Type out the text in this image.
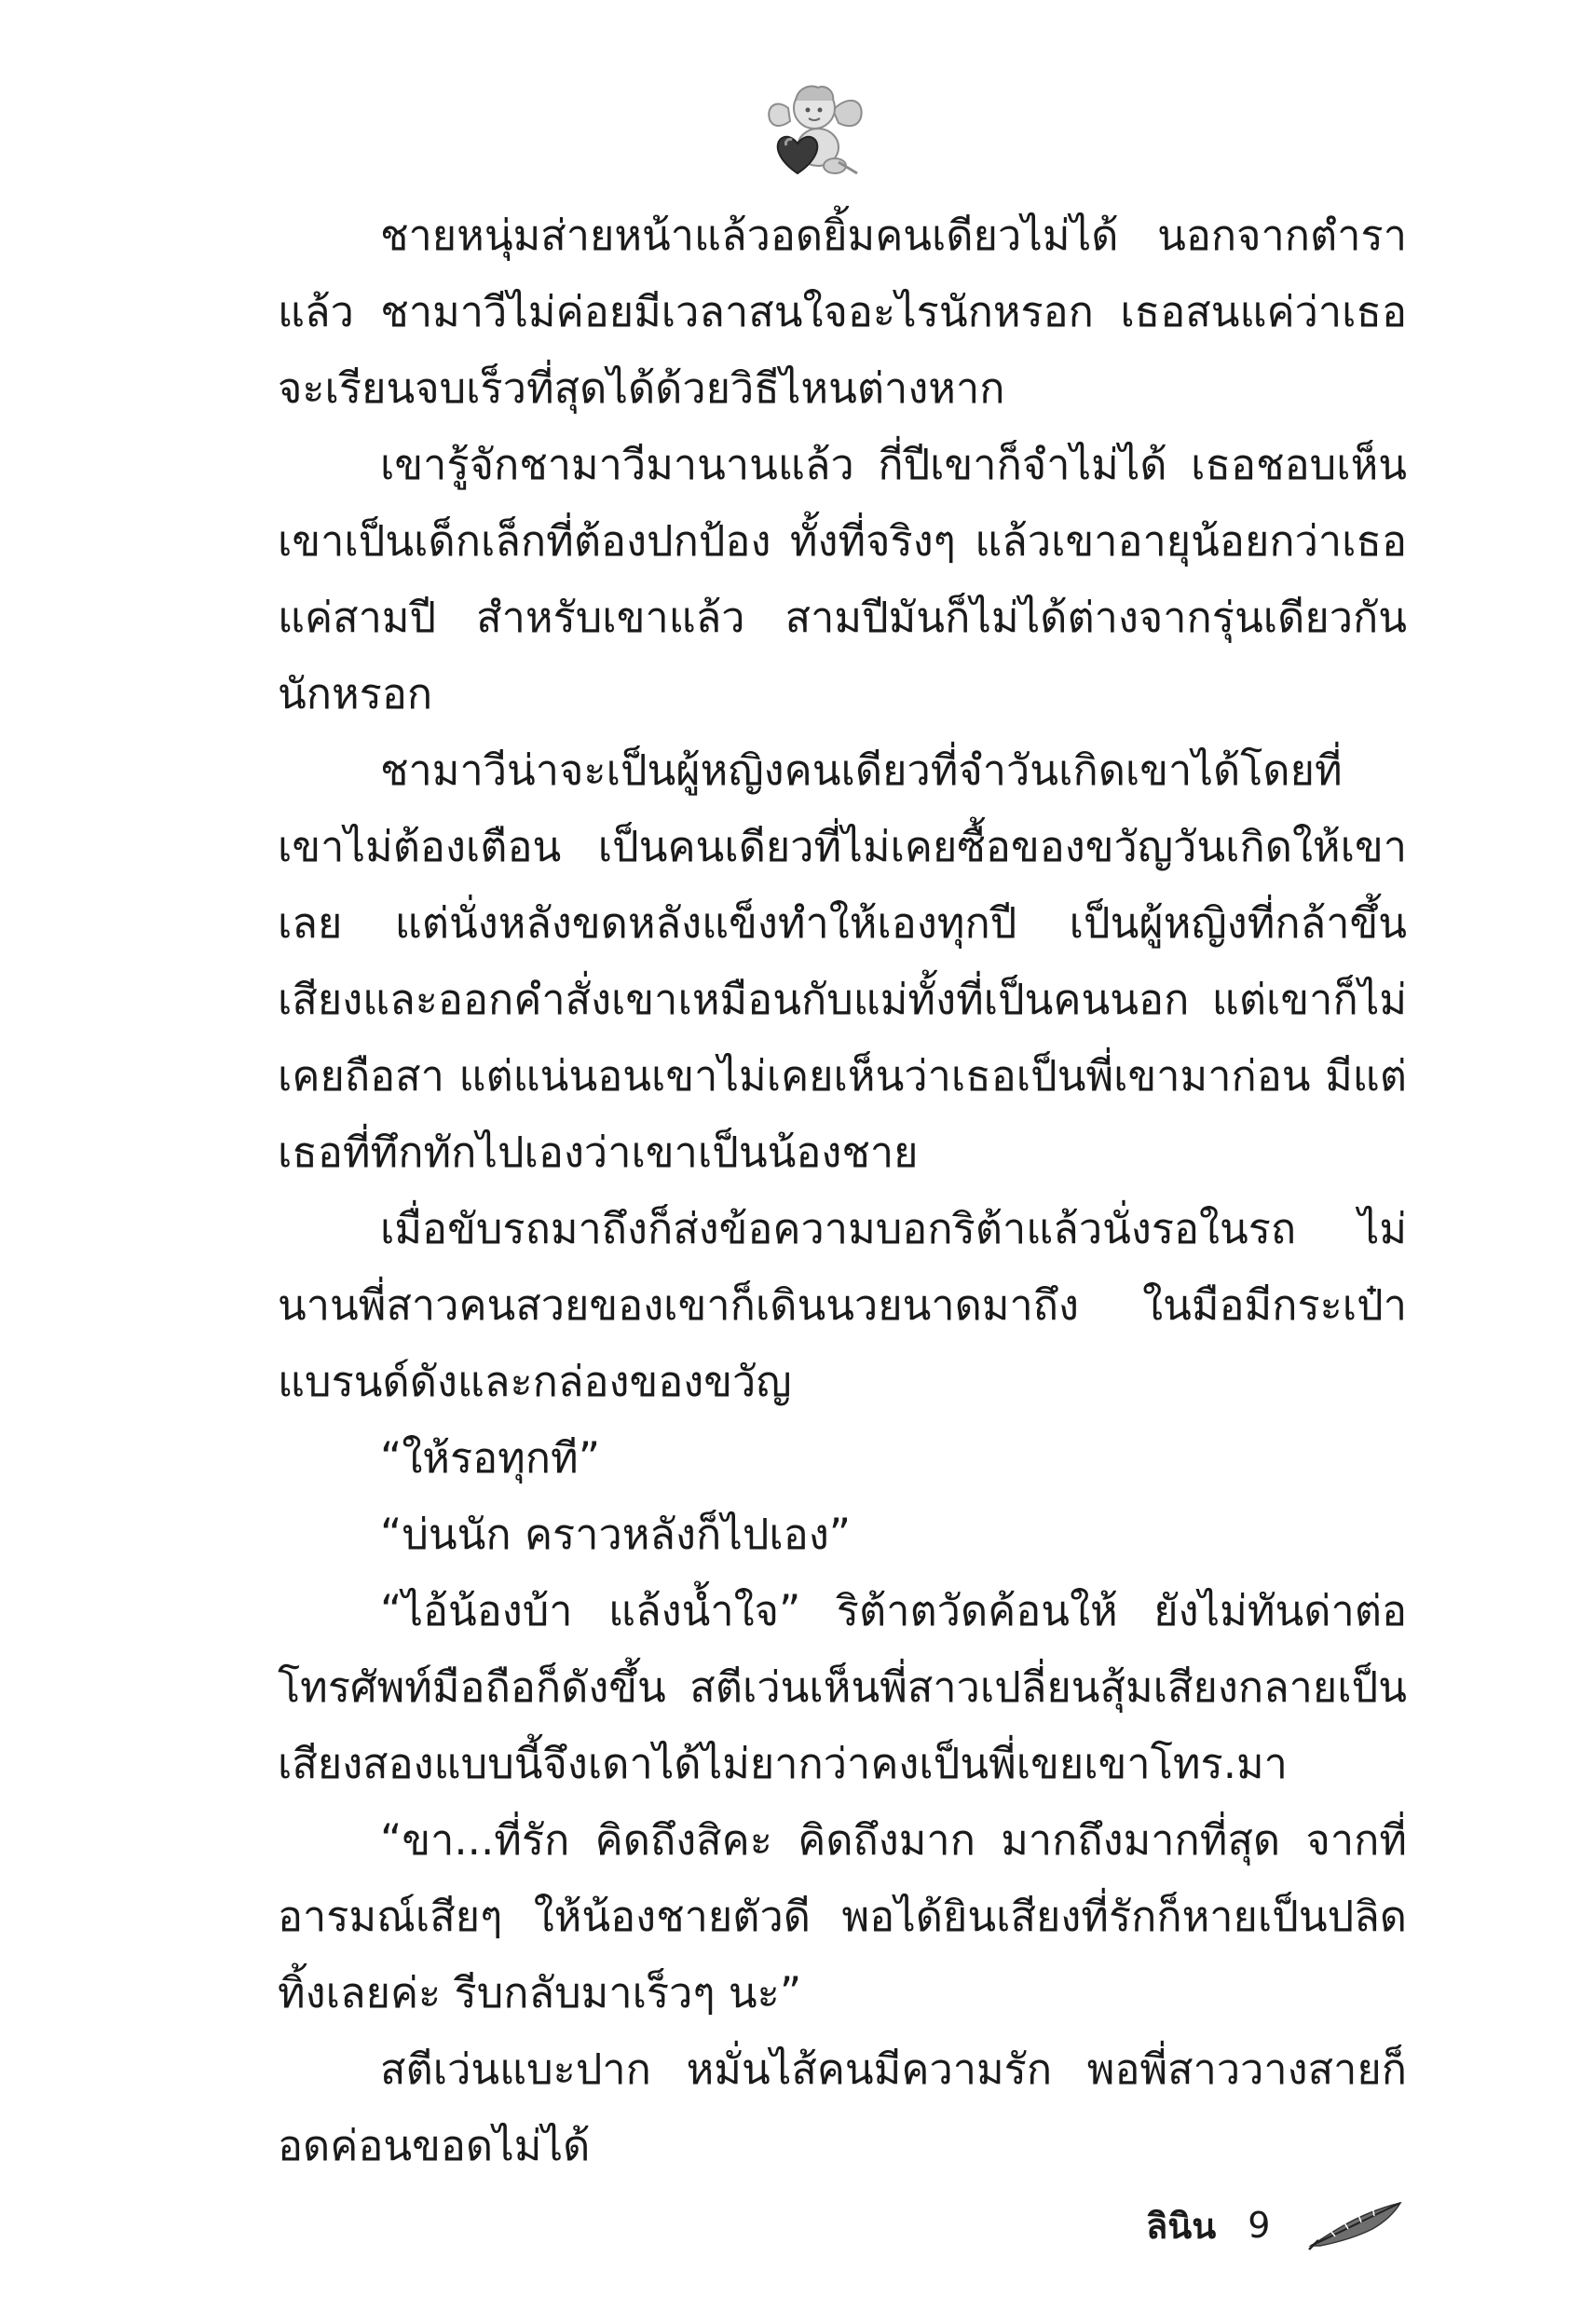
ชายหนุ่มส่ายหน้าแล้วอดยิ้มคนเดียวไม่ได้ นอกจากตำราแล้ว ชามาวีไม่ค่อยมีเวลาสนใจอะไรนักหรอก เธอสนแค่ว่าเธอจะเรียนจบเร็วที่สุดได้ด้วยวิธีไหนต่างหาก

เขารู้จักชามาวีมานานแล้ว กี่ปีเขาก็จำไม่ได้ เธอชอบเห็นเขาเป็นเด็กเล็กที่ต้องปกป้อง ทั้งที่จริงๆ แล้วเขาอายุน้อยกว่าเธอแค่สามปี สำหรับเขาแล้ว สามปีมันก็ไม่ได้ต่างจากรุ่นเดียวกันนักหรอก

ชามาวีน่าจะเป็นผู้หญิงคนเดียวที่จำวันเกิดเขาได้โดยที่เขาไม่ต้องเตือน เป็นคนเดียวที่ไม่เคยซื้อของขวัญวันเกิดให้เขาเลย แต่นั่งหลังขดหลังแข็งทำให้เองทุกปี เป็นผู้หญิงที่กล้าขึ้นเสียงและออกคำสั่งเขาเหมือนกับแม่ทั้งที่เป็นคนนอก แต่เขาก็ไม่เคยถือสา แต่แน่นอนเขาไม่เคยเห็นว่าเธอเป็นพี่เขามาก่อน มีแต่เธอที่ทึกทักไปเองว่าเขาเป็นน้องชาย

เมื่อขับรถมาถึงก็ส่งข้อความบอกริต้าแล้วนั่งรอในรถ ไม่นานพี่สาวคนสวยของเขาก็เดินนวยนาดมาถึง ในมือมีกระเป๋าแบรนด์ดังและกล่องของขวัญ

“ให้รอทุกที”

“บ่นนัก คราวหลังก็ไปเอง”

“ไอ้น้องบ้า แล้งน้ำใจ” ริต้าตวัดค้อนให้ ยังไม่ทันด่าต่อโทรศัพท์มือถือก็ดังขึ้น สตีเว่นเห็นพี่สาวเปลี่ยนสุ้มเสียงกลายเป็นเสียงสองแบบนี้จึงเดาได้ไม่ยากว่าคงเป็นพี่เขยเขาโทร.มา

“ขา...ที่รัก คิดถึงสิคะ คิดถึงมาก มากถึงมากที่สุด จากที่อารมณ์เสียๆ ให้น้องชายตัวดี พอได้ยินเสียงที่รักก็หายเป็นปลิดทิ้งเลยค่ะ รีบกลับมาเร็วๆ นะ”

สตีเว่นแบะปาก หมั่นไส้คนมีความรัก พอพี่สาววางสายก็อดค่อนขอดไม่ได้

ลินิน 9
